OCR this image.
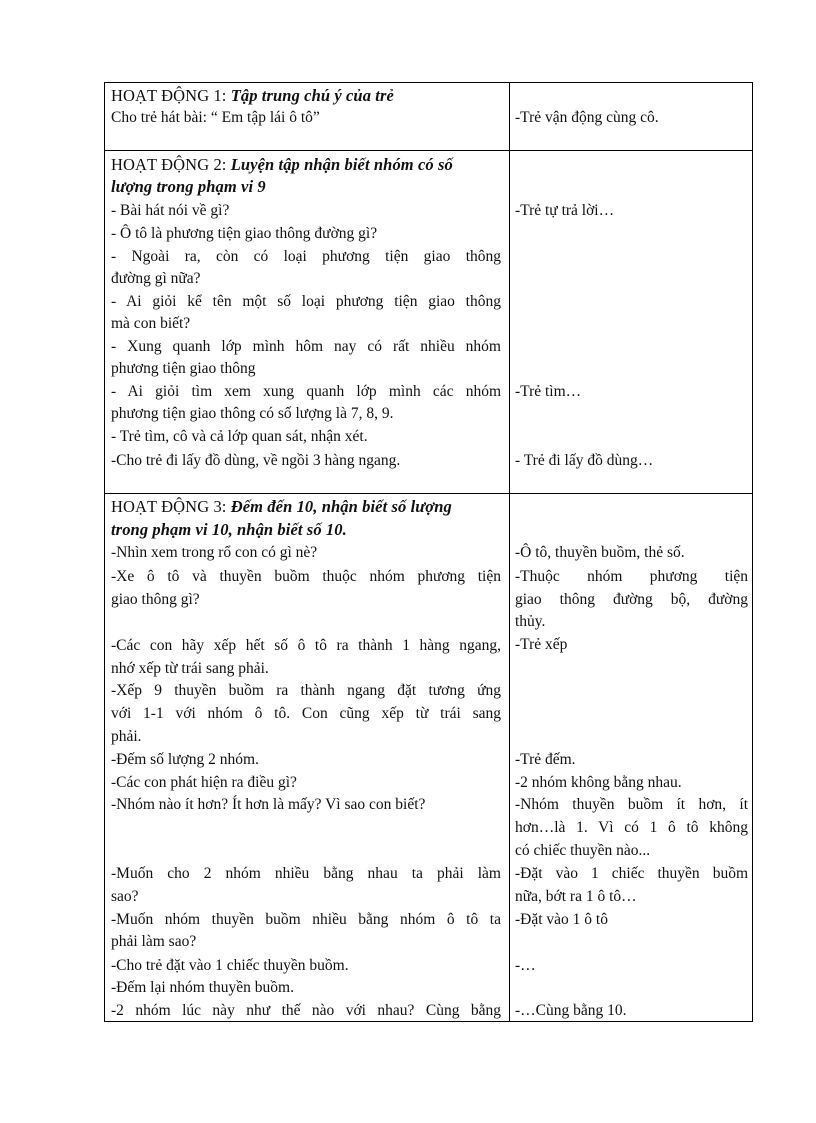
HOẠT ĐỘNG 1: Tập trung chú ý của trẻ
Cho trẻ hát bài: “ Em tập lái ô tô”	-Trẻ vận động cùng cô.
HOẠT ĐỘNG 2: Luyện tập nhận biết nhóm có số
lượng trong phạm vi 9
- Bài hát nói về gì?
- Ô tô là phương tiện giao thông đường gì?
- Ngoài ra, còn có loại phương tiện giao thông
đường gì nữa?
- Ai giỏi kể tên một số loại phương tiện giao thông
mà con biết?
- Xung quanh lớp mình hôm nay có rất nhiều nhóm
phương tiện giao thông
- Ai giỏi tìm xem xung quanh lớp mình các nhóm
phương tiện giao thông có số lượng là 7, 8, 9.
- Trẻ tìm, cô và cả lớp quan sát, nhận xét.
-Cho trẻ đi lấy đồ dùng, về ngồi 3 hàng ngang.
-Trẻ tự trả lời…
-Trẻ tìm…
- Trẻ đi lấy đồ dùng…
HOẠT ĐỘNG 3: Đếm đến 10, nhận biết số lượng
trong phạm vi 10, nhận biết số 10.
-Nhìn xem trong rổ con có gì nè?
-Xe ô tô và thuyền buồm thuộc nhóm phương tiện
giao thông gì?
-Các con hãy xếp hết số ô tô ra thành 1 hàng ngang,
nhớ xếp từ trái sang phải.
-Xếp 9 thuyền buồm ra thành ngang đặt tương ứng
với 1-1 với nhóm ô tô. Con cũng xếp từ trái sang
phải.
-Đếm số lượng 2 nhóm.
-Các con phát hiện ra điều gì?
-Nhóm nào ít hơn? Ít hơn là mấy? Vì sao con biết?
-Muốn cho 2 nhóm nhiều bằng nhau ta phải làm
sao?
-Muốn nhóm thuyền buồm nhiều bằng nhóm ô tô ta
phải làm sao?
-Cho trẻ đặt vào 1 chiếc thuyền buồm.
-Đếm lại nhóm thuyền buồm.
-2 nhóm lúc này như thế nào với nhau? Cùng bằng
-Ô tô, thuyền buồm, thẻ số.
-Thuộc nhóm phương tiện
giao thông đường bộ, đường
thủy.
-Trẻ xếp
-Trẻ đếm.
-2 nhóm không bằng nhau.
-Nhóm thuyền buồm ít hơn, ít
hơn…là 1. Vì có 1 ô tô không
có chiếc thuyền nào...
-Đặt vào 1 chiếc thuyền buồm
nữa, bớt ra 1 ô tô…
-Đặt vào 1 ô tô
-…
-…Cùng bằng 10.
